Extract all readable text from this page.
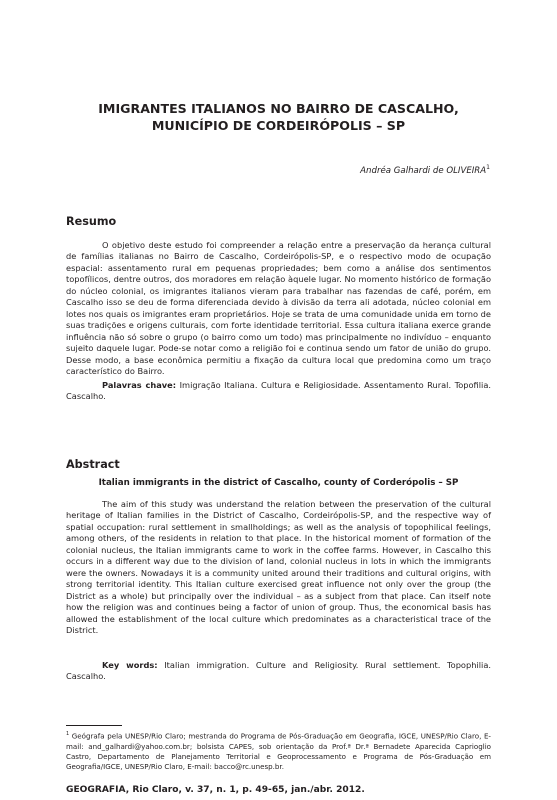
IMIGRANTES ITALIANOS NO BAIRRO DE CASCALHO,
MUNICÍPIO DE CORDEIRÓPOLIS – SP
Andréa Galhardi de OLIVEIRA$^1$
Resumo

O objetivo deste estudo foi compreender a relação entre a preservação da herança cultural de famílias italianas no Bairro de Cascalho, Cordeirópolis-SP, e o respectivo modo de ocupação espacial: assentamento rural em pequenas propriedades; bem como a análise dos sentimentos topofílicos, dentre outros, dos moradores em relação àquele lugar. No momento histórico de formação do núcleo colonial, os imigrantes italianos vieram para trabalhar nas fazendas de café, porém, em Cascalho isso se deu de forma diferenciada devido à divisão da terra ali adotada, núcleo colonial em lotes nos quais os imigrantes eram proprietários. Hoje se trata de uma comunidade unida em torno de suas tradições e origens culturais, com forte identidade territorial. Essa cultura italiana exerce grande influência não só sobre o grupo (o bairro como um todo) mas principalmente no indivíduo – enquanto sujeito daquele lugar. Pode-se notar como a religião foi e continua sendo um fator de união do grupo. Desse modo, a base econômica permitiu a fixação da cultura local que predomina como um traço característico do Bairro.

Palavras chave: Imigração Italiana. Cultura e Religiosidade. Assentamento Rural. Topofilia. Cascalho.

Abstract
Italian immigrants in the district of Cascalho, county of Corderópolis – SP

The aim of this study was understand the relation between the preservation of the cultural heritage of Italian families in the District of Cascalho, Cordeirópolis-SP, and the respective way of spatial occupation: rural settlement in smallholdings; as well as the analysis of topophilical feelings, among others, of the residents in relation to that place. In the historical moment of formation of the colonial nucleus, the Italian immigrants came to work in the coffee farms. However, in Cascalho this occurs in a different way due to the division of land, colonial nucleus in lots in which the immigrants were the owners. Nowadays it is a community united around their traditions and cultural origins, with strong territorial identity. This Italian culture exercised great influence not only over the group (the District as a whole) but principally over the individual – as a subject from that place. Can itself note how the religion was and continues being a factor of union of group. Thus, the economical basis has allowed the establishment of the local culture which predominates as a characteristical trace of the District.

Key words: Italian immigration. Culture and Religiosity. Rural settlement. Topophilia. Cascalho.

$^1$ Geógrafa pela UNESP/Rio Claro; mestranda do Programa de Pós-Graduação em Geografia, IGCE, UNESP/Rio Claro, E-mail: and_galhardi@yahoo.com.br; bolsista CAPES, sob orientação da Prof.ª Dr.ª Bernadete Aparecida Caprioglio Castro, Departamento de Planejamento Territorial e Geoprocessamento e Programa de Pós-Graduação em Geografia/IGCE, UNESP/Rio Claro, E-mail: bacco@rc.unesp.br.
GEOGRAFIA, Rio Claro, v. 37, n. 1, p. 49-65, jan./abr. 2012.
